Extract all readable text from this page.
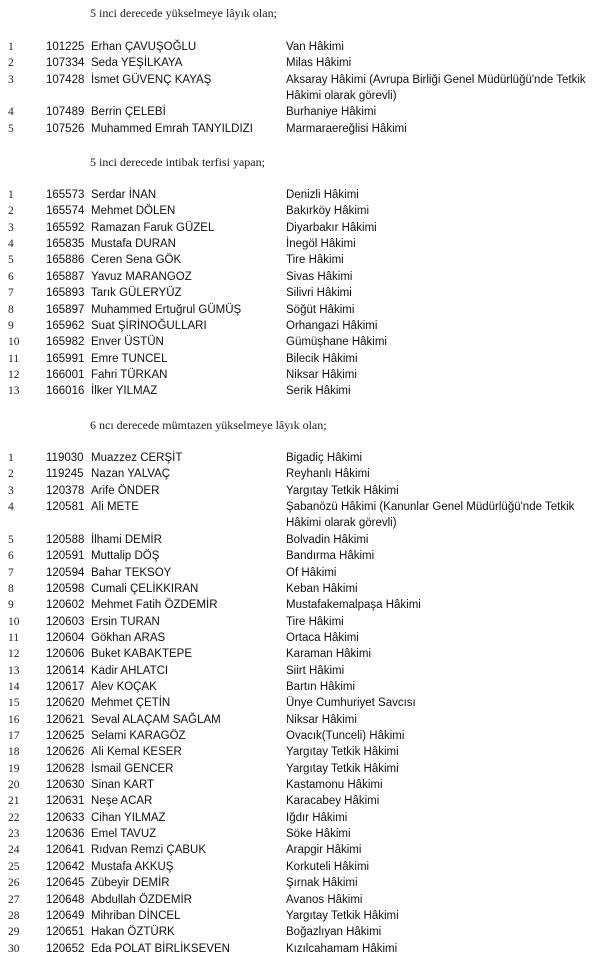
5 inci derecede yükselmeye lâyık olan;
1	101225 Erhan ÇAVUŞOĞLU	Van Hâkimi
2	107334 Seda YEŞİLKAYA	Milas Hâkimi
3	107428 İsmet GÜVENÇ KAYAŞ	Aksaray Hâkimi (Avrupa Birliği Genel Müdürlüğü'nde Tetkik Hâkimi olarak görevli)
4	107489 Berrin ÇELEBİ	Burhaniye Hâkimi
5	107526 Muhammed Emrah TANYILDIZI	Marmaraereğlisi Hâkimi
5 inci derecede intibak terfisi yapan;
1	165573 Serdar İNAN	Denizli Hâkimi
2	165574 Mehmet DÖLEN	Bakırköy Hâkimi
3	165592 Ramazan Faruk GÜZEL	Diyarbakır Hâkimi
4	165835 Mustafa DURAN	İnegöl Hâkimi
5	165886 Ceren Sena GÖK	Tire Hâkimi
6	165887 Yavuz MARANGOZ	Sivas Hâkimi
7	165893 Tarık GÜLERYÜZ	Silivri Hâkimi
8	165897 Muhammed Ertuğrul GÜMÜŞ	Söğüt Hâkimi
9	165962 Suat ŞİRİNOĞULLARI	Orhangazi Hâkimi
10	165982 Enver ÜSTÜN	Gümüşhane Hâkimi
11	165991 Emre TUNCEL	Bilecik Hâkimi
12	166001 Fahri TÜRKAN	Niksar Hâkimi
13	166016 İlker YILMAZ	Serik Hâkimi
6 ncı derecede mümtazen yükselmeye lâyık olan;
1	119030 Muazzez CERŞİT	Bigadiç Hâkimi
2	119245 Nazan YALVAÇ	Reyhanlı Hâkimi
3	120378 Arife ÖNDER	Yargıtay Tetkik Hâkimi
4	120581 Ali METE	Şabanözü Hâkimi (Kanunlar Genel Müdürlüğü'nde Tetkik Hâkimi olarak görevli)
5	120588 İlhami DEMİR	Bolvadin Hâkimi
6	120591 Muttalip DÖŞ	Bandırma Hâkimi
7	120594 Bahar TEKSOY	Of Hâkimi
8	120598 Cumali ÇELİKKIRAN	Keban Hâkimi
9	120602 Mehmet Fatih ÖZDEMİR	Mustafakemalpaşa Hâkimi
10	120603 Ersin TURAN	Tire Hâkimi
11	120604 Gökhan ARAS	Ortaca Hâkimi
12	120606 Buket KABAKTEPE	Karaman Hâkimi
13	120614 Kadir AHLATCI	Siirt Hâkimi
14	120617 Alev KOÇAK	Bartın Hâkimi
15	120620 Mehmet ÇETİN	Ünye Cumhuriyet Savcısı
16	120621 Seval ALAÇAM SAĞLAM	Niksar Hâkimi
17	120625 Selami KARAGÖZ	Ovacık(Tunceli) Hâkimi
18	120626 Ali Kemal KESER	Yargıtay Tetkik Hâkimi
19	120628 İsmail GENCER	Yargıtay Tetkik Hâkimi
20	120630 Sinan KART	Kastamonu Hâkimi
21	120631 Neşe ACAR	Karacabey Hâkimi
22	120633 Cihan YILMAZ	Iğdır Hâkimi
23	120636 Emel TAVUZ	Söke Hâkimi
24	120641 Rıdvan Remzi ÇABUK	Arapgir Hâkimi
25	120642 Mustafa AKKUŞ	Korkuteli Hâkimi
26	120645 Zübeyir DEMİR	Şırnak Hâkimi
27	120648 Abdullah ÖZDEMİR	Avanos Hâkimi
28	120649 Mihriban DİNCEL	Yargıtay Tetkik Hâkimi
29	120651 Hakan ÖZTÜRK	Boğazlıyan Hâkimi
30	120652 Eda POLAT BİRLİKSEVEN	Kızılcahamam Hâkimi
